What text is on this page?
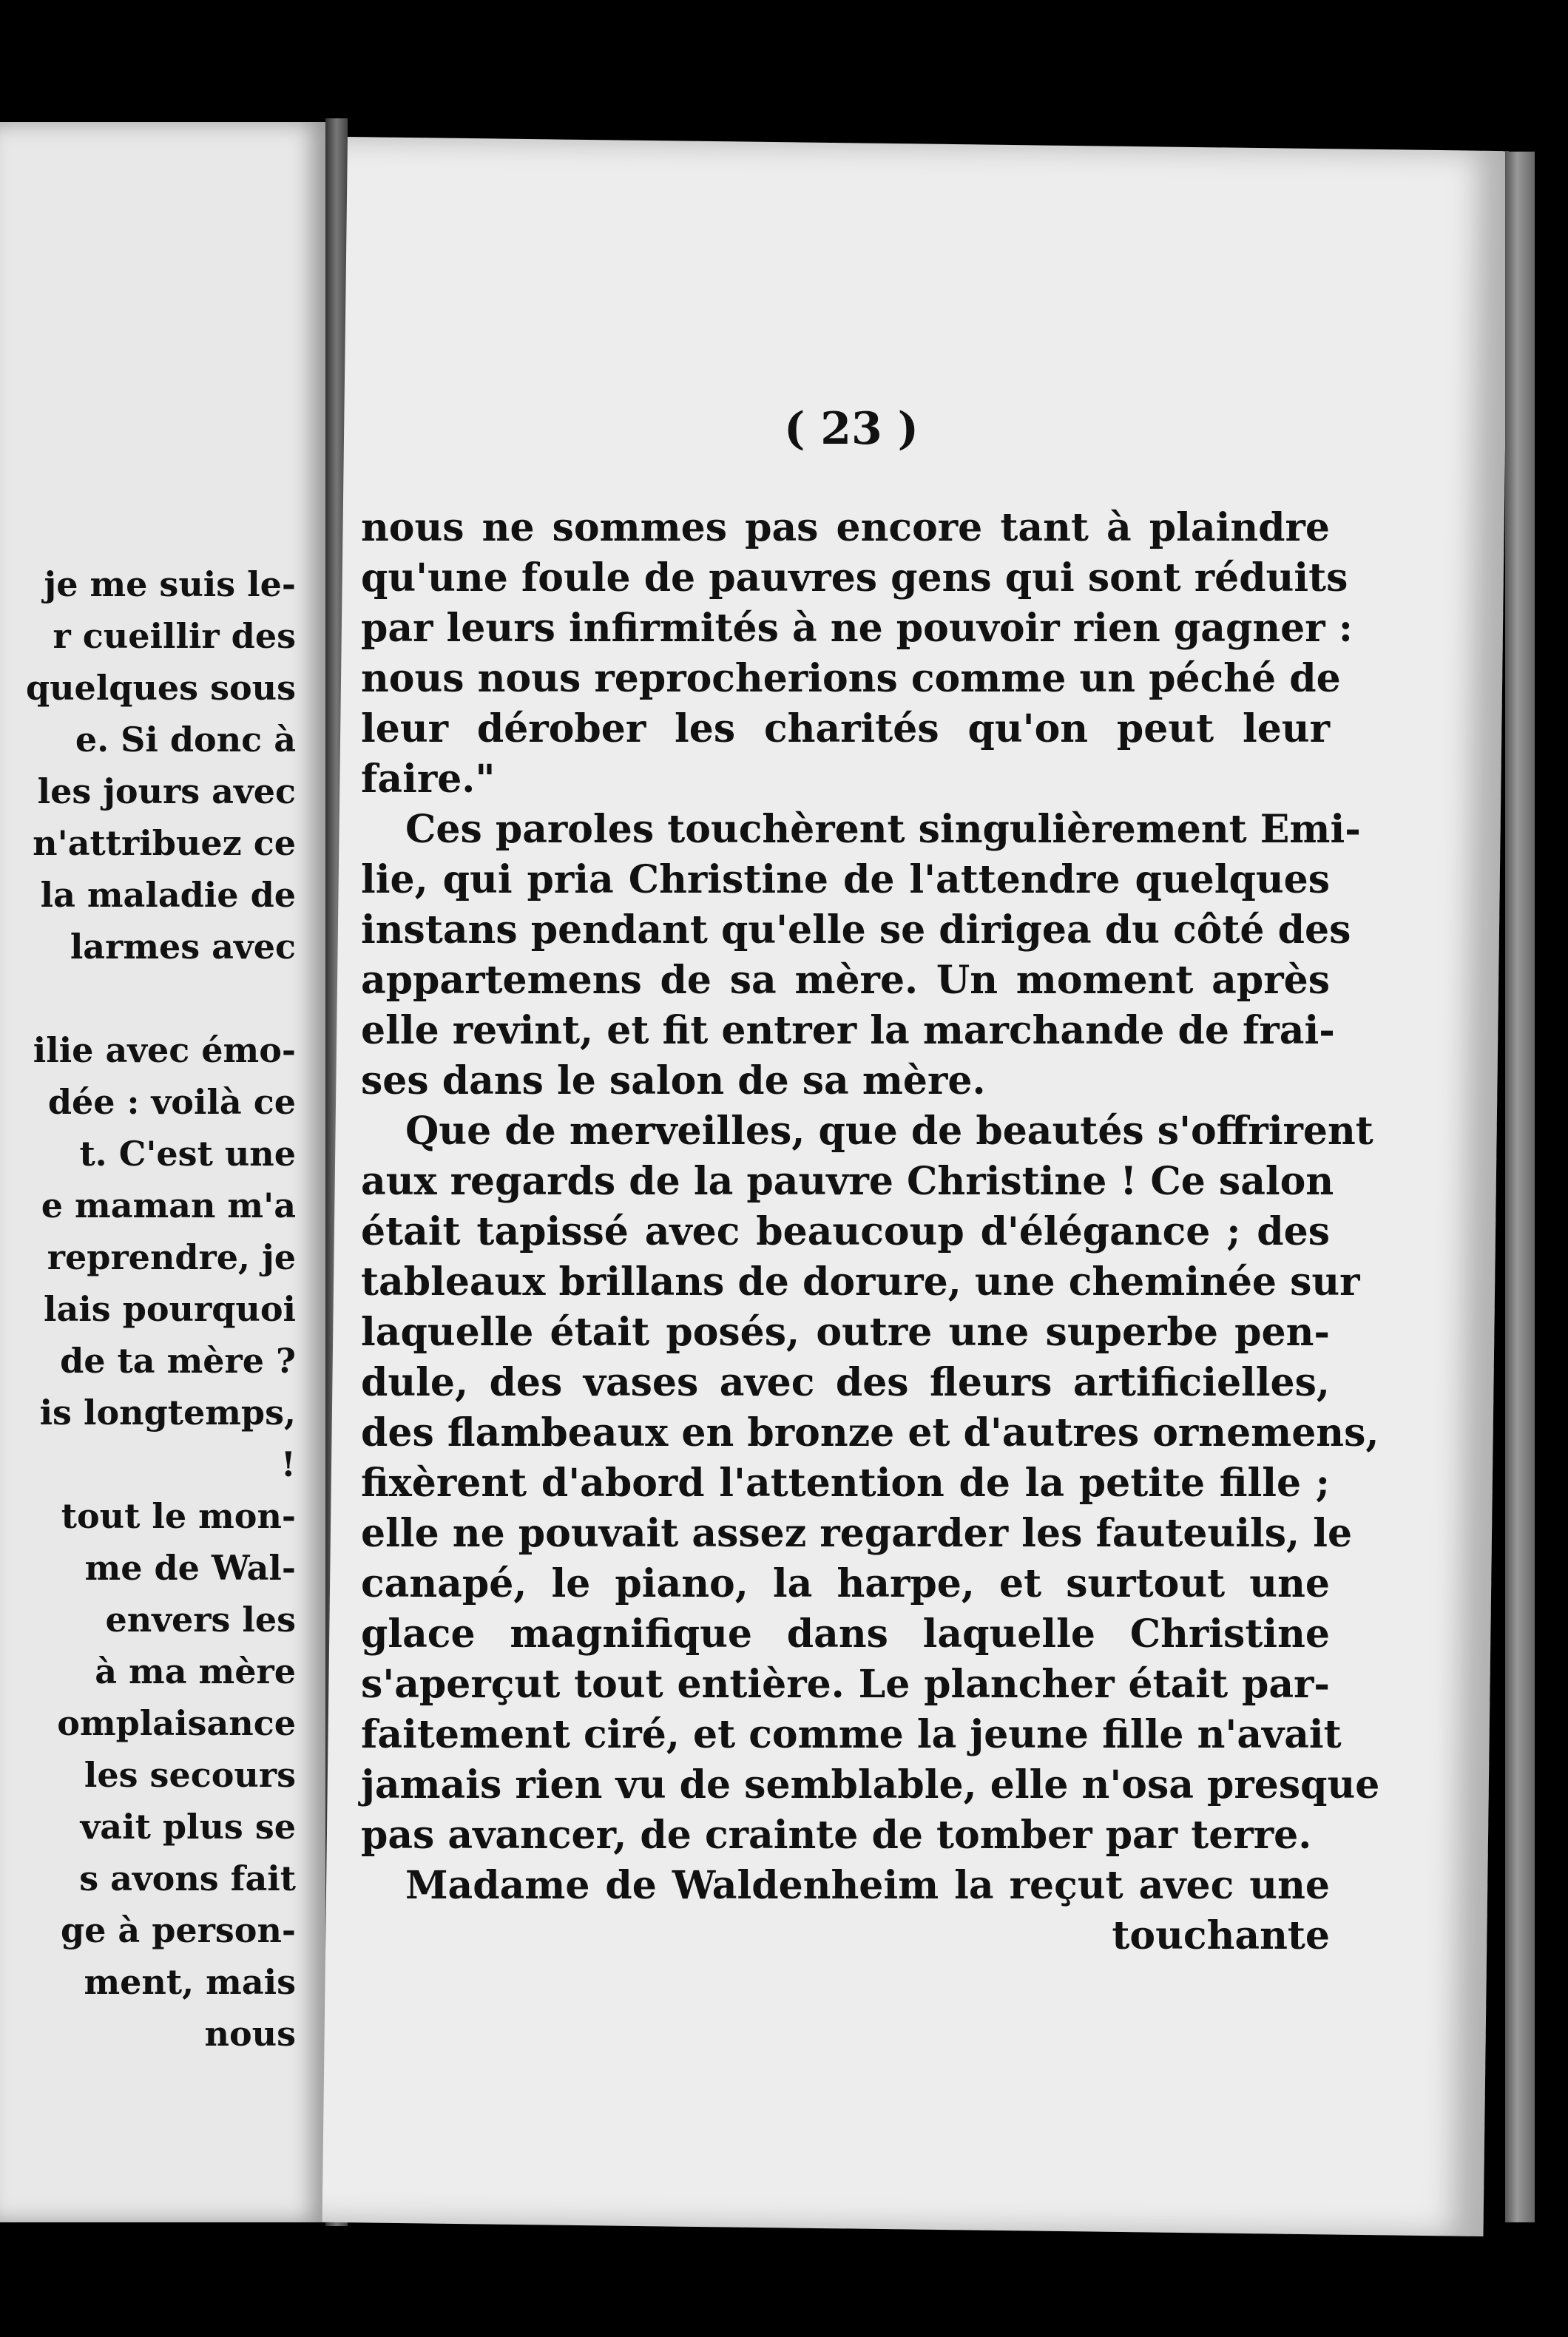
je me suis le-
r cueillir des
quelques sous
e. Si donc à
les jours avec
n'attribuez ce
la maladie de
larmes avec
ilie avec émo-
dée : voilà ce
t. C'est une
e maman m'a
reprendre, je
lais pourquoi
de ta mère ?
is longtemps,
!
tout le mon-
me de Wal-
envers les
à ma mère
omplaisance
les secours
vait plus se
s avons fait
ge à person-
ment, mais
nous
( 23 )
nous ne sommes pas encore tant à plaindre
qu'une foule de pauvres gens qui sont réduits
par leurs infirmités à ne pouvoir rien gagner :
nous nous reprocherions comme un péché de
leur dérober les charités qu'on peut leur
faire."
Ces paroles touchèrent singulièrement Emi-
lie, qui pria Christine de l'attendre quelques
instans pendant qu'elle se dirigea du côté des
appartemens de sa mère. Un moment après
elle revint, et fit entrer la marchande de frai-
ses dans le salon de sa mère.
Que de merveilles, que de beautés s'offrirent
aux regards de la pauvre Christine ! Ce salon
était tapissé avec beaucoup d'élégance ; des
tableaux brillans de dorure, une cheminée sur
laquelle était posés, outre une superbe pen-
dule, des vases avec des fleurs artificielles,
des flambeaux en bronze et d'autres ornemens,
fixèrent d'abord l'attention de la petite fille ;
elle ne pouvait assez regarder les fauteuils, le
canapé, le piano, la harpe, et surtout une
glace magnifique dans laquelle Christine
s'aperçut tout entière. Le plancher était par-
faitement ciré, et comme la jeune fille n'avait
jamais rien vu de semblable, elle n'osa presque
pas avancer, de crainte de tomber par terre.
Madame de Waldenheim la reçut avec une
touchante
